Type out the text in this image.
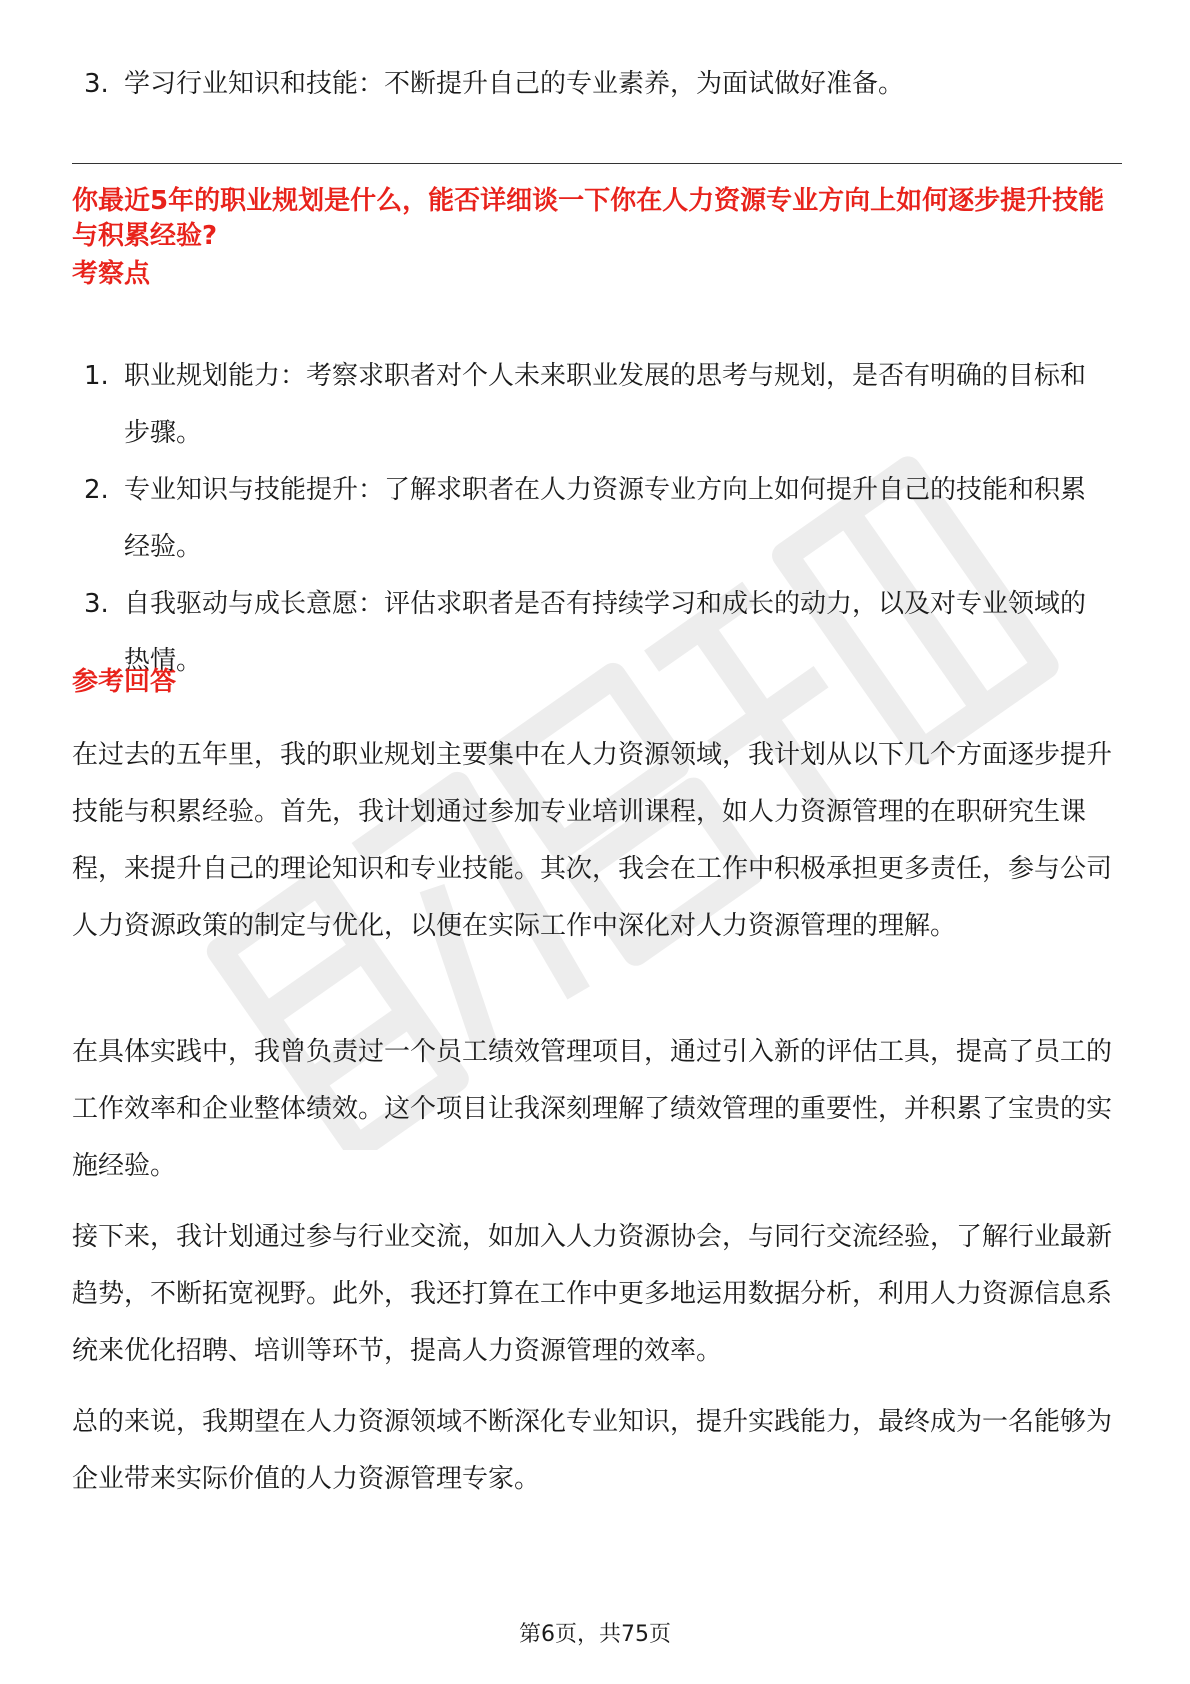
3. 学习行业知识和技能：不断提升自己的专业素养，为面试做好准备。
你最近5年的职业规划是什么，能否详细谈一下你在人力资源专业方向上如何逐步提升技能与积累经验?
考察点
1. 职业规划能力：考察求职者对个人未来职业发展的思考与规划，是否有明确的目标和步骤。
2. 专业知识与技能提升：了解求职者在人力资源专业方向上如何提升自己的技能和积累经验。
3. 自我驱动与成长意愿：评估求职者是否有持续学习和成长的动力，以及对专业领域的热情。
参考回答

在过去的五年里，我的职业规划主要集中在人力资源领域，我计划从以下几个方面逐步提升技能与积累经验。首先，我计划通过参加专业培训课程，如人力资源管理的在职研究生课程，来提升自己的理论知识和专业技能。其次，我会在工作中积极承担更多责任，参与公司人力资源政策的制定与优化，以便在实际工作中深化对人力资源管理的理解。

在具体实践中，我曾负责过一个员工绩效管理项目，通过引入新的评估工具，提高了员工的工作效率和企业整体绩效。这个项目让我深刻理解了绩效管理的重要性，并积累了宝贵的实施经验。

接下来，我计划通过参与行业交流，如加入人力资源协会，与同行交流经验，了解行业最新趋势，不断拓宽视野。此外，我还打算在工作中更多地运用数据分析，利用人力资源信息系统来优化招聘、培训等环节，提高人力资源管理的效率。

总的来说，我期望在人力资源领域不断深化专业知识，提升实践能力，最终成为一名能够为企业带来实际价值的人力资源管理专家。

第6页，共75页
